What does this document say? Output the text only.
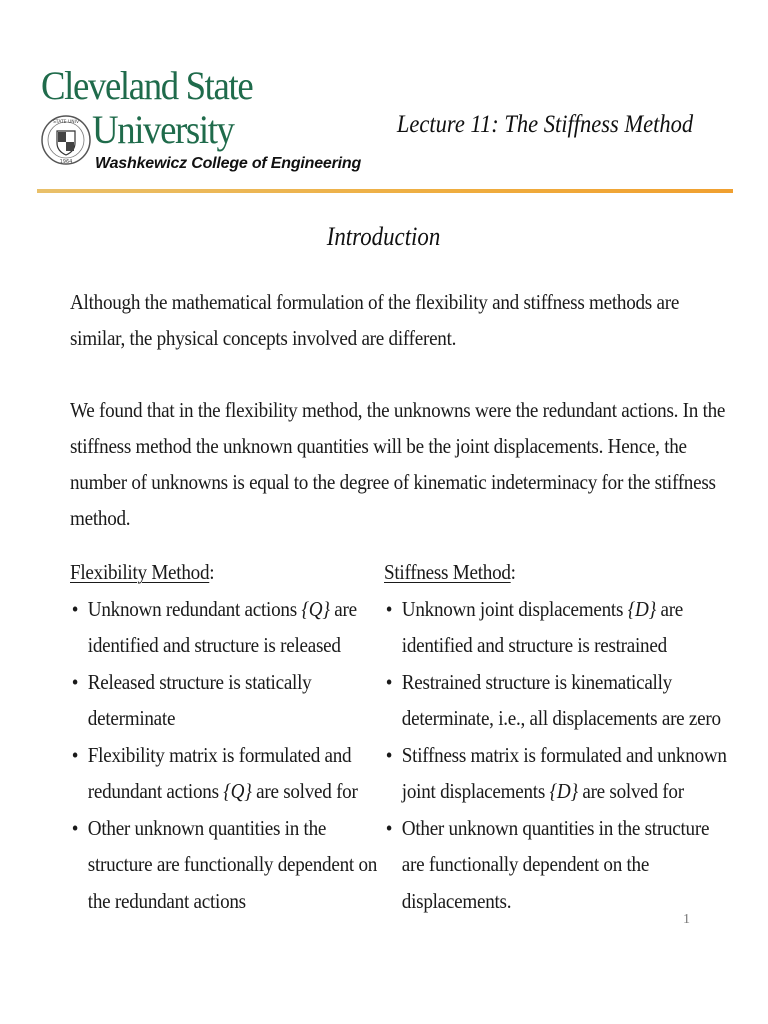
Cleveland State
STATE UNIV
1964
University
Washkewicz College of Engineering
Lecture 11: The Stiffness Method
Introduction
Although the mathematical formulation of the flexibility and stiffness methods are similar, the physical concepts involved are different.
We found that in the flexibility method, the unknowns were the redundant actions. In the stiffness method the unknown quantities will be the joint displacements. Hence, the number of unknowns is equal to the degree of kinematic indeterminacy for the stiffness method.
Flexibility Method:
• Unknown redundant actions {Q} are identified and structure is released
• Released structure is statically determinate
• Flexibility matrix is formulated and redundant actions {Q} are solved for
• Other unknown quantities in the structure are functionally dependent on the redundant actions
Stiffness Method:
• Unknown joint displacements {D} are identified and structure is restrained
• Restrained structure is kinematically determinate, i.e., all displacements are zero
• Stiffness matrix is formulated and unknown joint displacements {D} are solved for
• Other unknown quantities in the structure are functionally dependent on the displacements.
1
